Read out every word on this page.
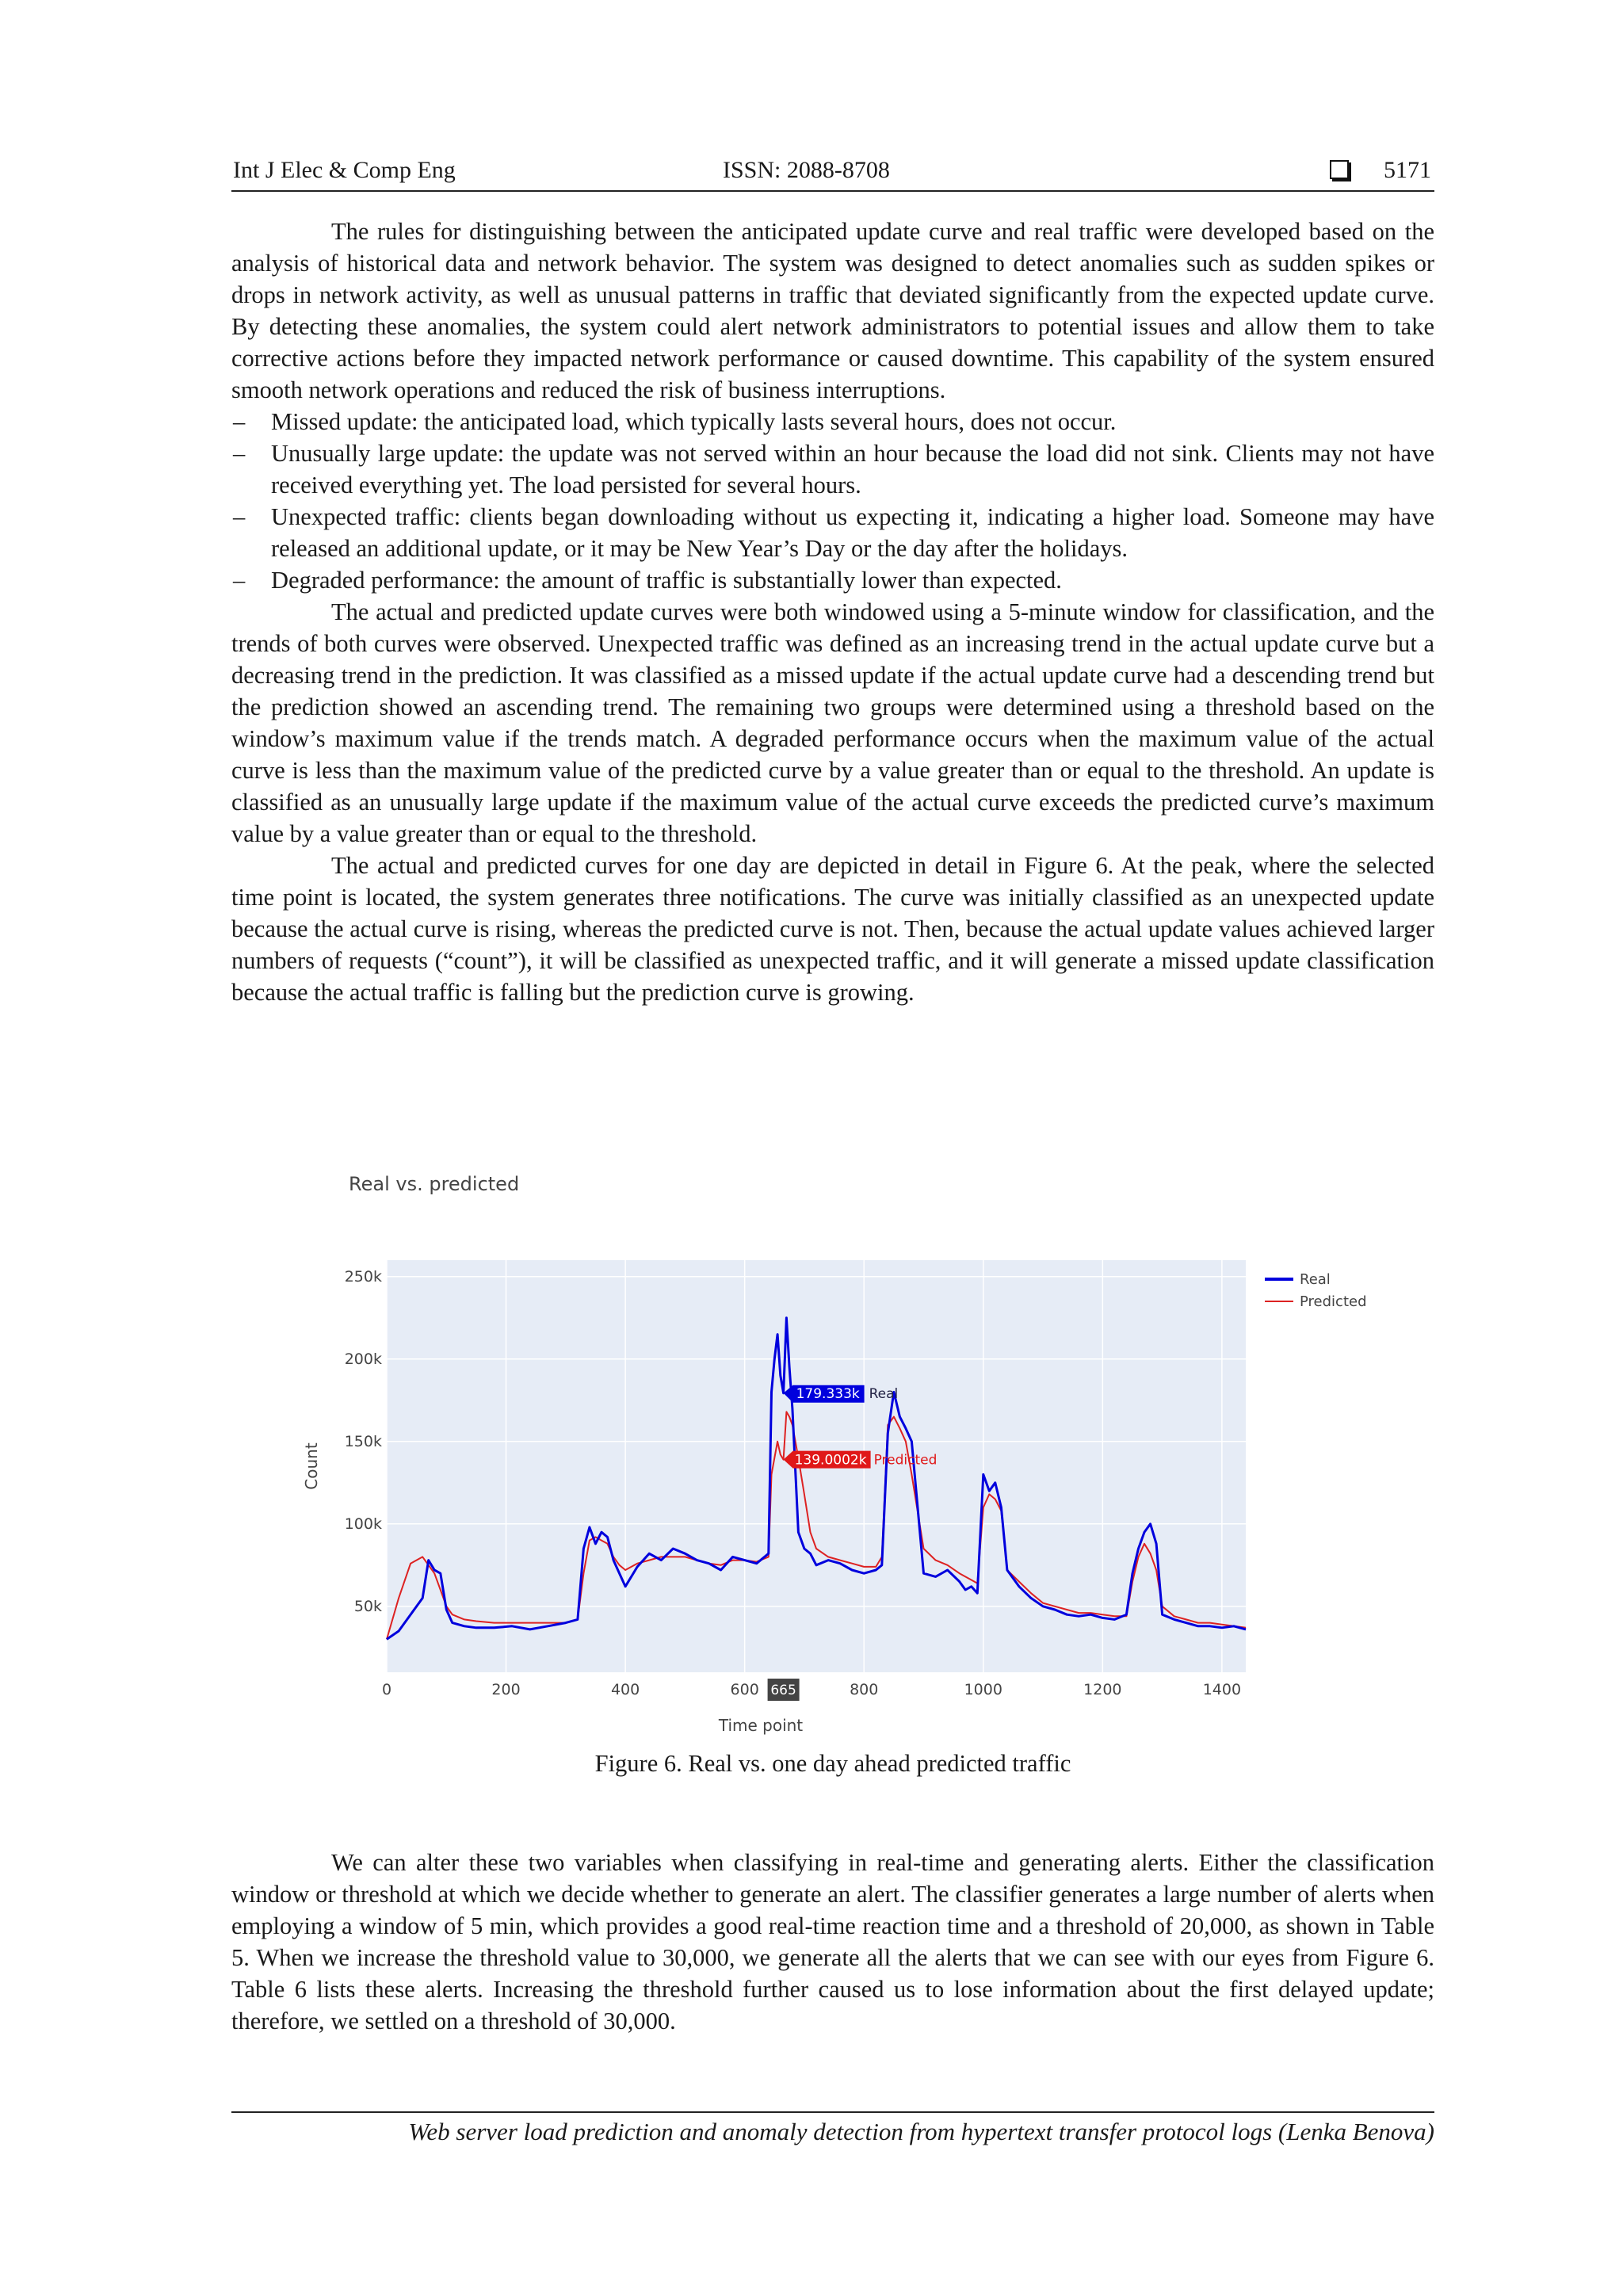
Int J Elec & Comp Eng	ISSN: 2088-8708	5171

The rules for distinguishing between the anticipated update curve and real traffic were developed based on the analysis of historical data and network behavior. The system was designed to detect anomalies such as sudden spikes or drops in network activity, as well as unusual patterns in traffic that deviated significantly from the expected update curve. By detecting these anomalies, the system could alert network administrators to potential issues and allow them to take corrective actions before they impacted network performance or caused downtime. This capability of the system ensured smooth network operations and reduced the risk of business interruptions.

– Missed update: the anticipated load, which typically lasts several hours, does not occur.
– Unusually large update: the update was not served within an hour because the load did not sink. Clients may not have received everything yet. The load persisted for several hours.
– Unexpected traffic: clients began downloading without us expecting it, indicating a higher load. Someone may have released an additional update, or it may be New Year’s Day or the day after the holidays.
– Degraded performance: the amount of traffic is substantially lower than expected.

The actual and predicted update curves were both windowed using a 5-minute window for classification, and the trends of both curves were observed. Unexpected traffic was defined as an increasing trend in the actual update curve but a decreasing trend in the prediction. It was classified as a missed update if the actual update curve had a descending trend but the prediction showed an ascending trend. The remaining two groups were determined using a threshold based on the window’s maximum value if the trends match. A degraded performance occurs when the maximum value of the actual curve is less than the maximum value of the predicted curve by a value greater than or equal to the threshold. An update is classified as an unusually large update if the maximum value of the actual curve exceeds the predicted curve’s maximum value by a value greater than or equal to the threshold.

The actual and predicted curves for one day are depicted in detail in Figure 6. At the peak, where the selected time point is located, the system generates three notifications. The curve was initially classified as an unexpected update because the actual curve is rising, whereas the predicted curve is not. Then, because the actual update values achieved larger numbers of requests (“count”), it will be classified as unexpected traffic, and it will generate a missed update classification because the actual traffic is falling but the prediction curve is growing.

Real vs. predicted
0	200	400	600	800	1000	1200	1400
50k
100k
150k
200k
250k
Count
Time point
Real
Predicted
179.333k Real
139.0002k Predicted
665
Figure 6. Real vs. one day ahead predicted traffic

We can alter these two variables when classifying in real-time and generating alerts. Either the classification window or threshold at which we decide whether to generate an alert. The classifier generates a large number of alerts when employing a window of 5 min, which provides a good real-time reaction time and a threshold of 20,000, as shown in Table 5. When we increase the threshold value to 30,000, we generate all the alerts that we can see with our eyes from Figure 6. Table 6 lists these alerts. Increasing the threshold further caused us to lose information about the first delayed update; therefore, we settled on a threshold of 30,000.

Web server load prediction and anomaly detection from hypertext transfer protocol logs (Lenka Benova)
